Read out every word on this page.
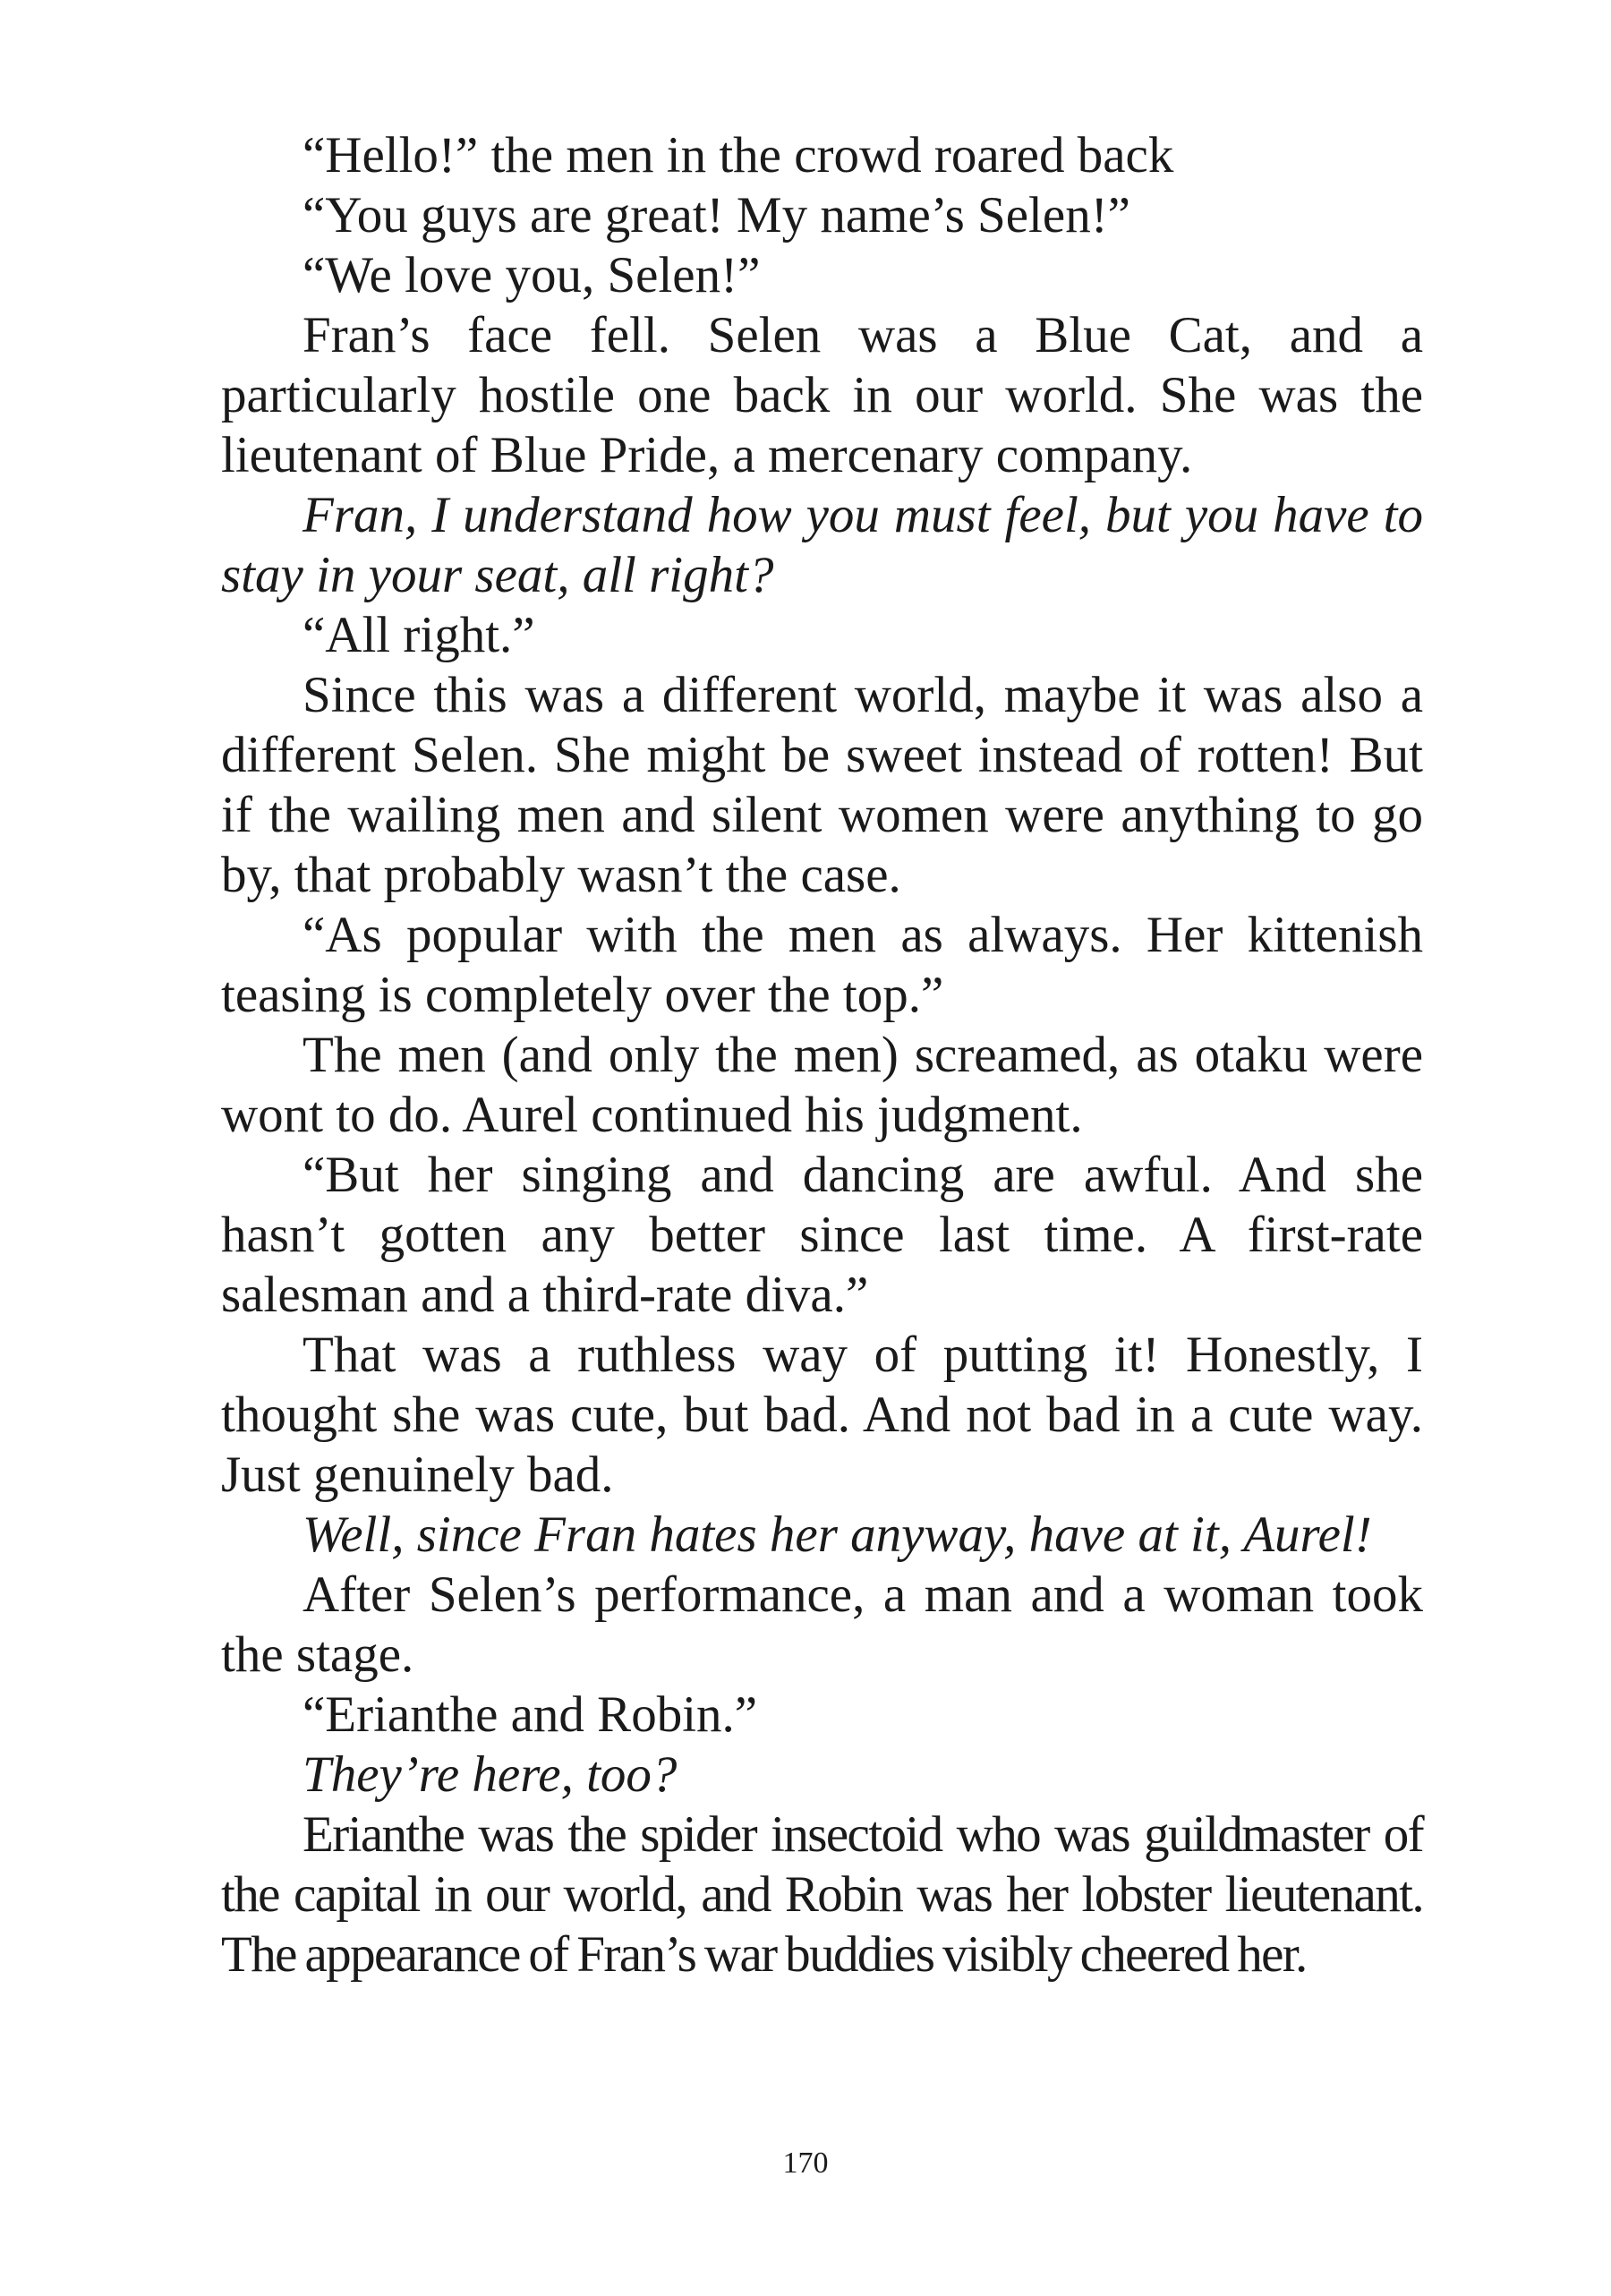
“Hello!” the men in the crowd roared back

“You guys are great! My name’s Selen!”

“We love you, Selen!”

Fran’s face fell. Selen was a Blue Cat, and a particularly hostile one back in our world. She was the lieutenant of Blue Pride, a mercenary company.

Fran, I understand how you must feel, but you have to stay in your seat, all right?

“All right.”

Since this was a different world, maybe it was also a different Selen. She might be sweet instead of rotten! But if the wailing men and silent women were anything to go by, that probably wasn’t the case.

“As popular with the men as always. Her kittenish teasing is completely over the top.”

The men (and only the men) screamed, as otaku were wont to do. Aurel continued his judgment.

“But her singing and dancing are awful. And she hasn’t gotten any better since last time. A first-rate salesman and a third-rate diva.”

That was a ruthless way of putting it! Honestly, I thought she was cute, but bad. And not bad in a cute way. Just genuinely bad.

Well, since Fran hates her anyway, have at it, Aurel!

After Selen’s performance, a man and a woman took the stage.

“Erianthe and Robin.”

They’re here, too?

Erianthe was the spider insectoid who was guildmaster of the capital in our world, and Robin was her lobster lieutenant. The appearance of Fran’s war buddies visibly cheered her.

170
